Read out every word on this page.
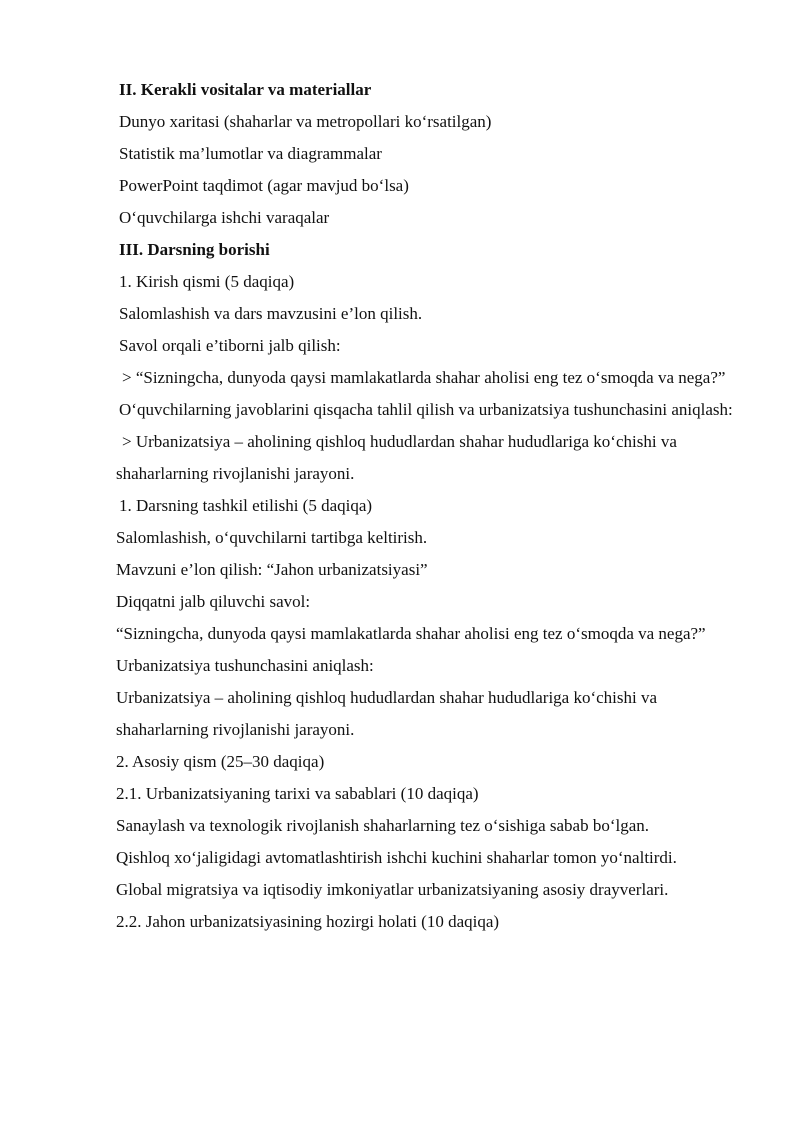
II. Kerakli vositalar va materiallar
Dunyo xaritasi (shaharlar va metropollari ko‘rsatilgan)
Statistik ma’lumotlar va diagrammalar
PowerPoint taqdimot (agar mavjud bo‘lsa)
O‘quvchilarga ishchi varaqalar
III. Darsning borishi
1. Kirish qismi (5 daqiqa)
Salomlashish va dars mavzusini e’lon qilish.
Savol orqali e’tiborni jalb qilish:
> “Sizningcha, dunyoda qaysi mamlakatlarda shahar aholisi eng tez o‘smoqda va nega?”
O‘quvchilarning javoblarini qisqacha tahlil qilish va urbanizatsiya tushunchasini aniqlash:
> Urbanizatsiya – aholining qishloq hududlardan shahar hududlariga ko‘chishi va shaharlarning rivojlanishi jarayoni.
1. Darsning tashkil etilishi (5 daqiqa)
Salomlashish, o‘quvchilarni tartibga keltirish.
Mavzuni e’lon qilish: “Jahon urbanizatsiyasi”
Diqqatni jalb qiluvchi savol:
“Sizningcha, dunyoda qaysi mamlakatlarda shahar aholisi eng tez o‘smoqda va nega?”
Urbanizatsiya tushunchasini aniqlash:
Urbanizatsiya – aholining qishloq hududlardan shahar hududlariga ko‘chishi va shaharlarning rivojlanishi jarayoni.
2. Asosiy qism (25–30 daqiqa)
2.1. Urbanizatsiyaning tarixi va sabablari (10 daqiqa)
Sanaylash va texnologik rivojlanish shaharlarning tez o‘sishiga sabab bo‘lgan.
Qishloq xo‘jaligidagi avtomatlashtirish ishchi kuchini shaharlar tomon yo‘naltirdi.
Global migratsiya va iqtisodiy imkoniyatlar urbanizatsiyaning asosiy drayverlari.
2.2. Jahon urbanizatsiyasining hozirgi holati (10 daqiqa)
